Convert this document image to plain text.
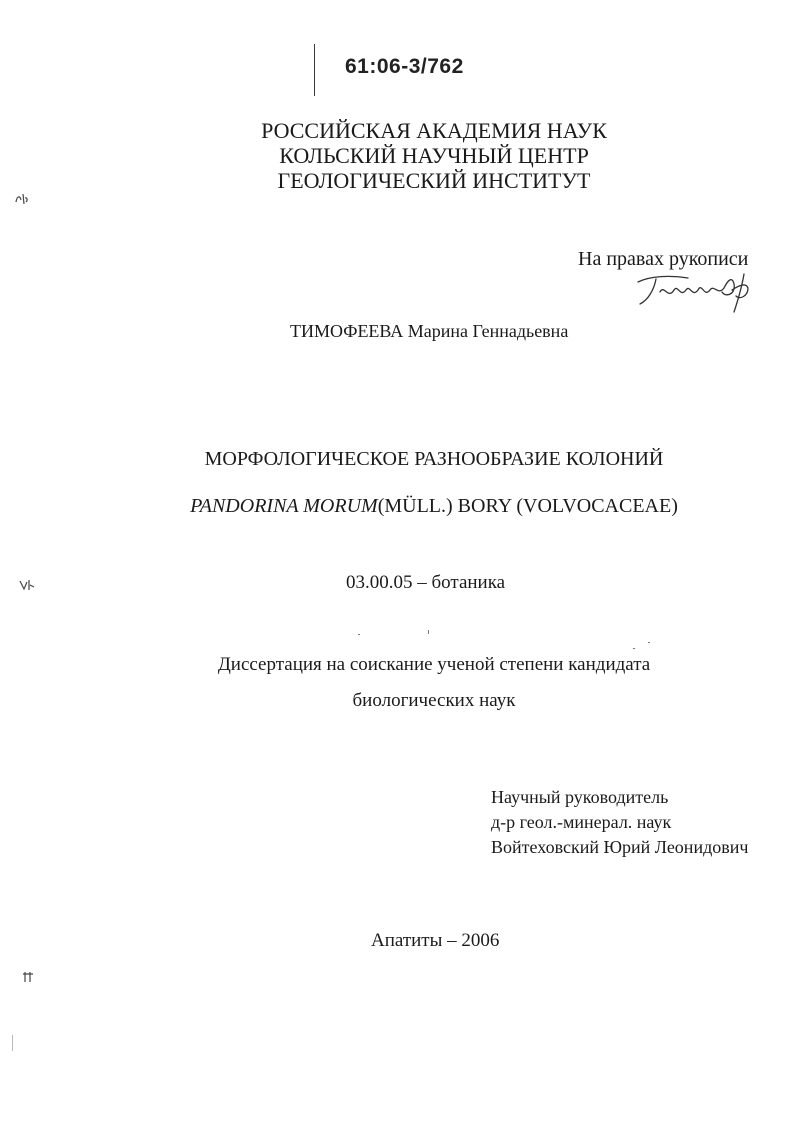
61:06-3/762
РОССИЙСКАЯ АКАДЕМИЯ НАУК
КОЛЬСКИЙ НАУЧНЫЙ ЦЕНТР
ГЕОЛОГИЧЕСКИЙ ИНСТИТУТ
На правах рукописи
ТИМОФЕЕВА Марина Геннадьевна
МОРФОЛОГИЧЕСКОЕ РАЗНООБРАЗИЕ КОЛОНИЙ
PANDORINA MORUM(MÜLL.) BORY (VOLVOCACEAE)
03.00.05 – ботаника
Диссертация на соискание ученой степени кандидата
биологических наук
Научный руководитель
д-р геол.-минерал. наук
Войтеховский Юрий Леонидович
Апатиты – 2006
